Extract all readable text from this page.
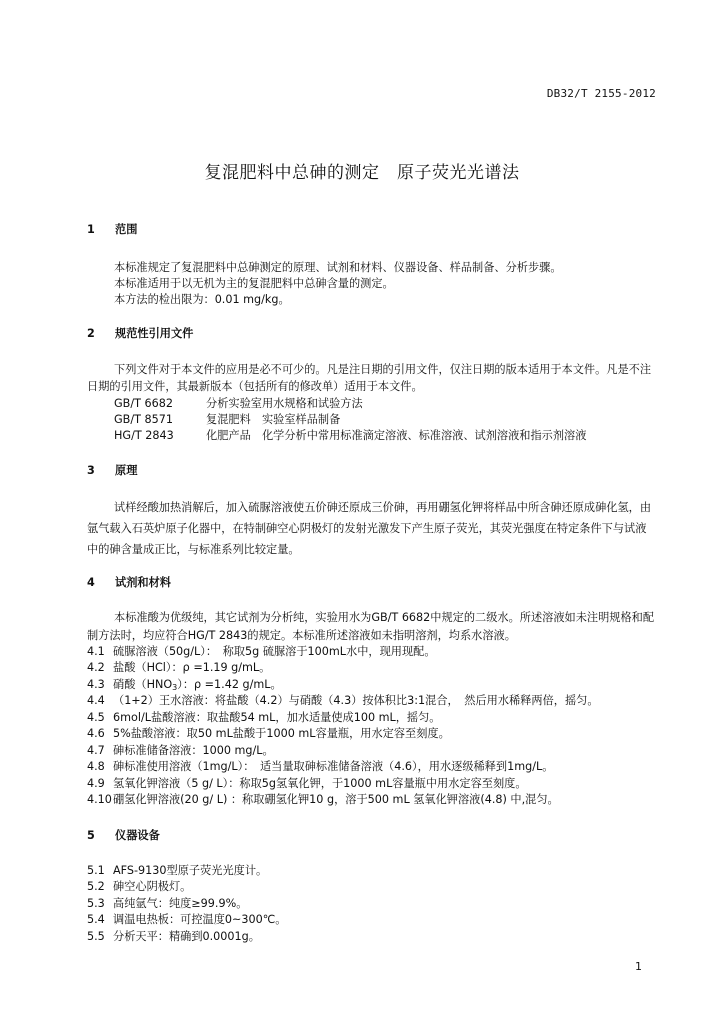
DB32/T 2155-2012
复混肥料中总砷的测定　原子荧光光谱法
1 范围
本标准规定了复混肥料中总砷测定的原理、试剂和材料、仪器设备、样品制备、分析步骤。
本标准适用于以无机为主的复混肥料中总砷含量的测定。
本方法的检出限为：0.01 mg/kg。
2 规范性引用文件
下列文件对于本文件的应用是必不可少的。凡是注日期的引用文件，仅注日期的版本适用于本文件。凡是不注日期的引用文件，其最新版本（包括所有的修改单）适用于本文件。
GB/T 6682	分析实验室用水规格和试验方法
GB/T 8571	复混肥料　实验室样品制备
HG/T 2843	化肥产品　化学分析中常用标准滴定溶液、标准溶液、试剂溶液和指示剂溶液
3 原理
试样经酸加热消解后，加入硫脲溶液使五价砷还原成三价砷，再用硼氢化钾将样品中所含砷还原成砷化氢，由氩气载入石英炉原子化器中，在特制砷空心阴极灯的发射光激发下产生原子荧光，其荧光强度在特定条件下与试液中的砷含量成正比，与标准系列比较定量。
4 试剂和材料
本标准酸为优级纯，其它试剂为分析纯，实验用水为GB/T 6682中规定的二级水。所述溶液如未注明规格和配制方法时，均应符合HG/T 2843的规定。本标准所述溶液如未指明溶剂，均系水溶液。
4.1 硫脲溶液（50g/L）：　称取5g 硫脲溶于100mL水中，现用现配。
4.2 盐酸（HCl）：ρ =1.19 g/mL。
4.3 硝酸$(HNO_3)$：ρ =1.42 g/mL。
4.4 （1+2）王水溶液：将盐酸（4.2）与硝酸（4.3）按体积比3:1混合，　然后用水稀释两倍，摇匀。
4.5 6mol/L盐酸溶液：取盐酸54 mL，加水适量使成100 mL，摇匀。
4.6 5%盐酸溶液：取50 mL盐酸于1000 mL容量瓶，用水定容至刻度。
4.7 砷标准储备溶液：1000 mg/L。
4.8 砷标准使用溶液（1mg/L）：　适当量取砷标准储备溶液（4.6），用水逐级稀释到1mg/L。
4.9 氢氧化钾溶液（5 g/ L）：称取5g氢氧化钾，于1000 mL容量瓶中用水定容至刻度。
4.10硼氢化钾溶液(20 g/ L) ：称取硼氢化钾10 g，溶于500 mL 氢氧化钾溶液(4.8) 中,混匀。
5 仪器设备
5.1 AFS-9130型原子荧光光度计。
5.2 砷空心阴极灯。
5.3 高纯氩气：纯度≥99.9%。
5.4 调温电热板：可控温度0~300℃。
5.5 分析天平：精确到0.0001g。
1
